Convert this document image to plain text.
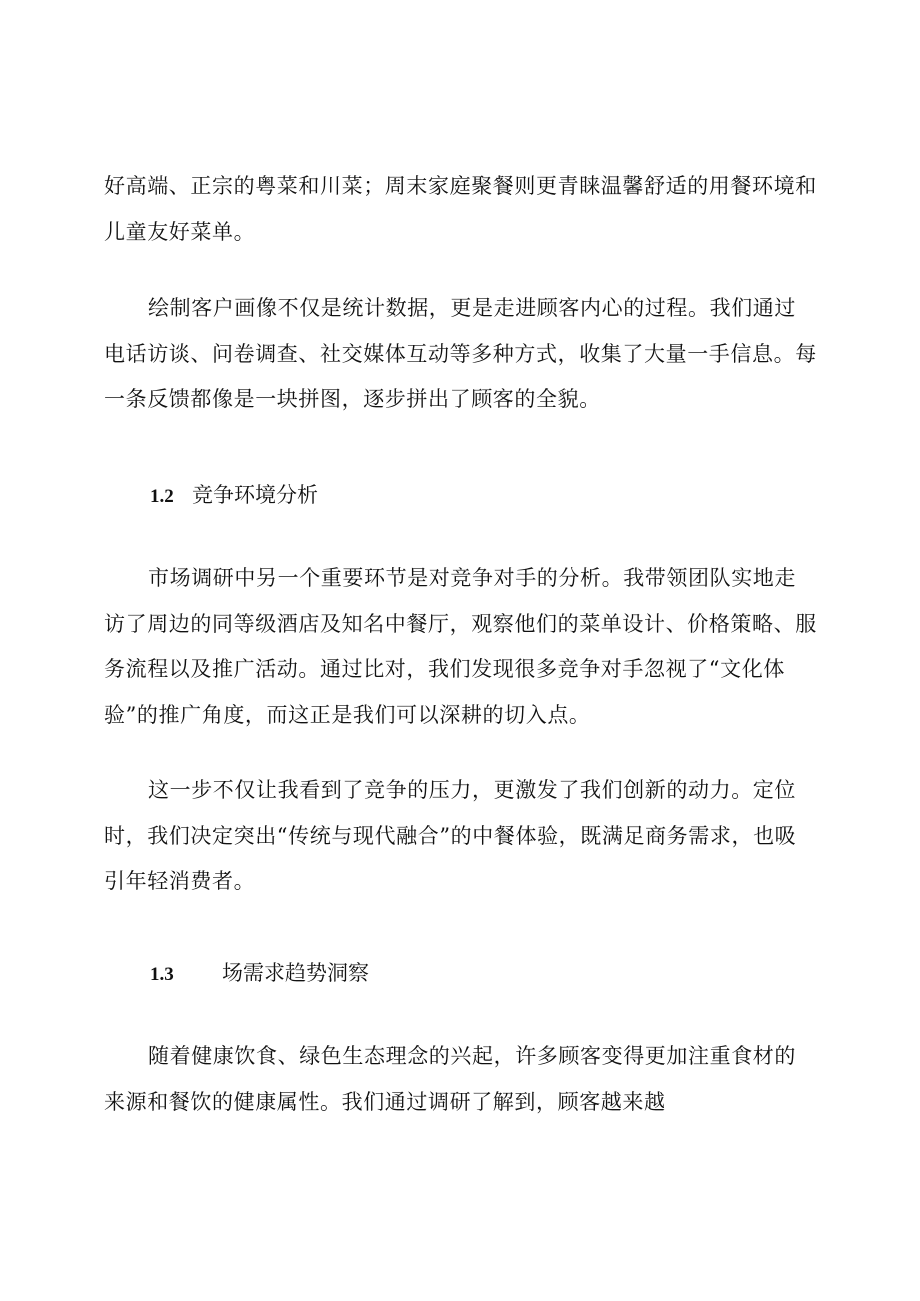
好高端、正宗的粤菜和川菜；周末家庭聚餐则更青睐温馨舒适的用餐环境和
儿童友好菜单。
绘制客户画像不仅是统计数据，更是走进顾客内心的过程。我们通过
电话访谈、问卷调查、社交媒体互动等多种方式，收集了大量一手信息。每
一条反馈都像是一块拼图，逐步拼出了顾客的全貌。
1.2 竞争环境分析
市场调研中另一个重要环节是对竞争对手的分析。我带领团队实地走
访了周边的同等级酒店及知名中餐厅，观察他们的菜单设计、价格策略、服
务流程以及推广活动。通过比对，我们发现很多竞争对手忽视了“文化体
验”的推广角度，而这正是我们可以深耕的切入点。
这一步不仅让我看到了竞争的压力，更激发了我们创新的动力。定位
时，我们决定突出“传统与现代融合”的中餐体验，既满足商务需求，也吸
引年轻消费者。
1.3 场需求趋势洞察
随着健康饮食、绿色生态理念的兴起，许多顾客变得更加注重食材的
来源和餐饮的健康属性。我们通过调研了解到，顾客越来越
